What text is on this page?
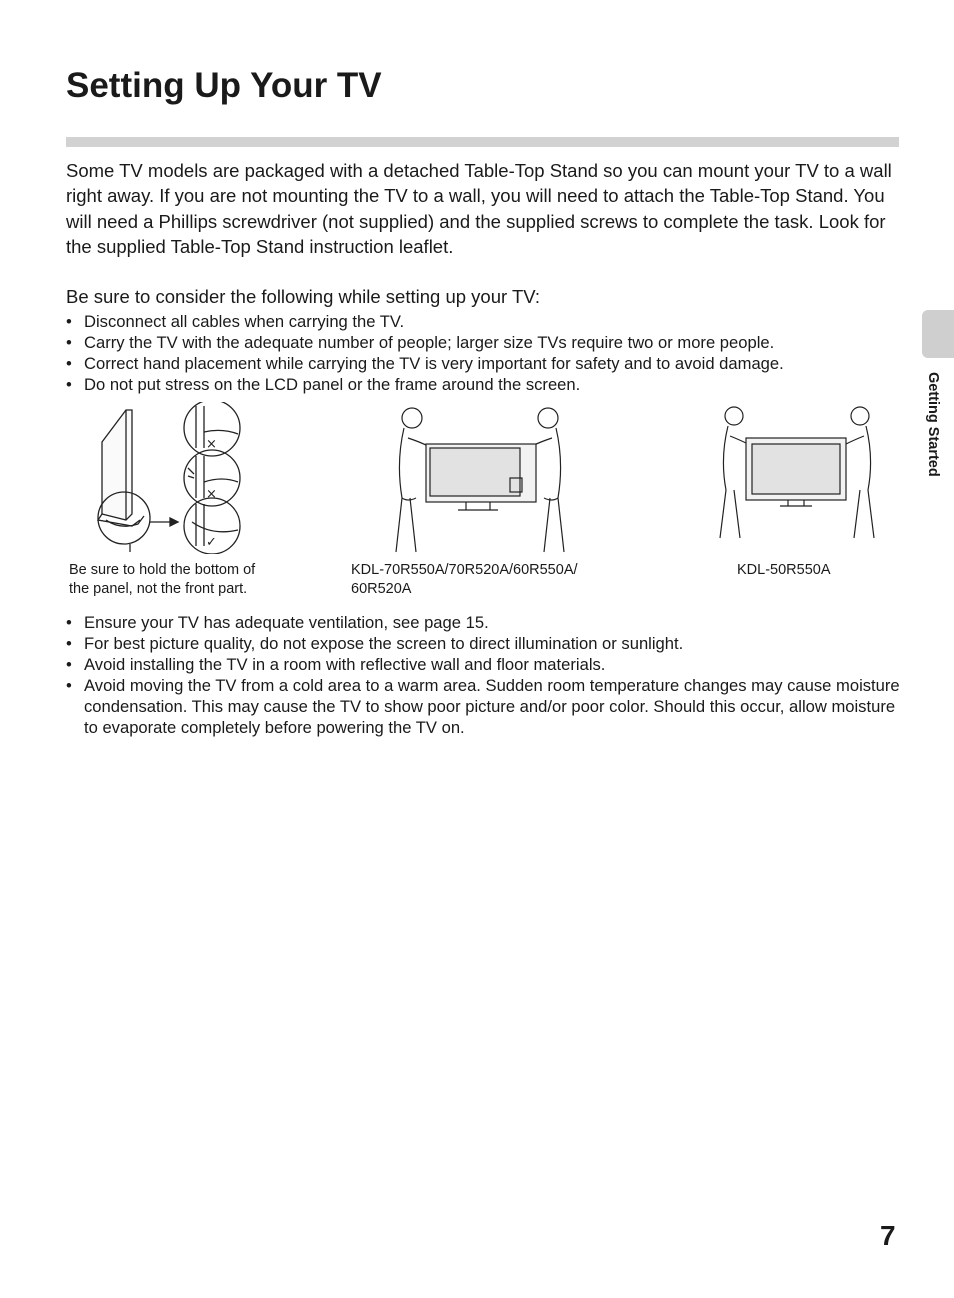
Setting Up Your TV

Some TV models are packaged with a detached Table-Top Stand so you can mount your TV to a wall right away. If you are not mounting the TV to a wall, you will need to attach the Table-Top Stand. You will need a Phillips screwdriver (not supplied) and the supplied screws to complete the task. Look for the supplied Table-Top Stand instruction leaflet.

Be sure to consider the following while setting up your TV:

• Disconnect all cables when carrying the TV.
• Carry the TV with the adequate number of people; larger size TVs require two or more people.
• Correct hand placement while carrying the TV is very important for safety and to avoid damage.
• Do not put stress on the LCD panel or the frame around the screen.
×
×
✓

Be sure to hold the bottom of
the panel, not the front part.

KDL-70R550A/70R520A/60R550A/
60R520A

KDL-50R550A

• Ensure your TV has adequate ventilation, see page 15.
• For best picture quality, do not expose the screen to direct illumination or sunlight.
• Avoid installing the TV in a room with reflective wall and floor materials.
• Avoid moving the TV from a cold area to a warm area. Sudden room temperature changes may cause moisture condensation. This may cause the TV to show poor picture and/or poor color. Should this occur, allow moisture to evaporate completely before powering the TV on.
Getting Started
7
